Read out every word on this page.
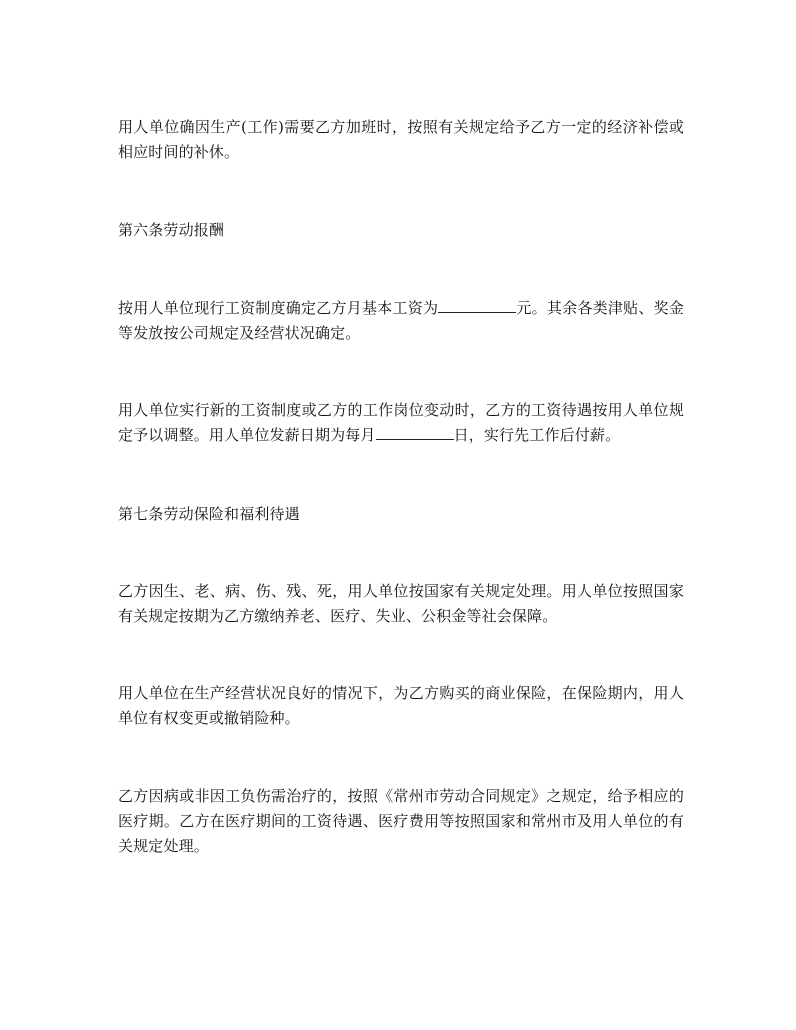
用人单位确因生产(工作)需要乙方加班时，按照有关规定给予乙方一定的经济补偿或相应时间的补休。

第六条劳动报酬

按用人单位现行工资制度确定乙方月基本工资为	元。其余各类津贴、奖金等发放按公司规定及经营状况确定。

用人单位实行新的工资制度或乙方的工作岗位变动时，乙方的工资待遇按用人单位规定予以调整。用人单位发薪日期为每月	日，实行先工作后付薪。

第七条劳动保险和福利待遇

乙方因生、老、病、伤、残、死，用人单位按国家有关规定处理。用人单位按照国家有关规定按期为乙方缴纳养老、医疗、失业、公积金等社会保障。

用人单位在生产经营状况良好的情况下，为乙方购买的商业保险，在保险期内，用人单位有权变更或撤销险种。

乙方因病或非因工负伤需治疗的，按照《常州市劳动合同规定》之规定，给予相应的医疗期。乙方在医疗期间的工资待遇、医疗费用等按照国家和常州市及用人单位的有关规定处理。
